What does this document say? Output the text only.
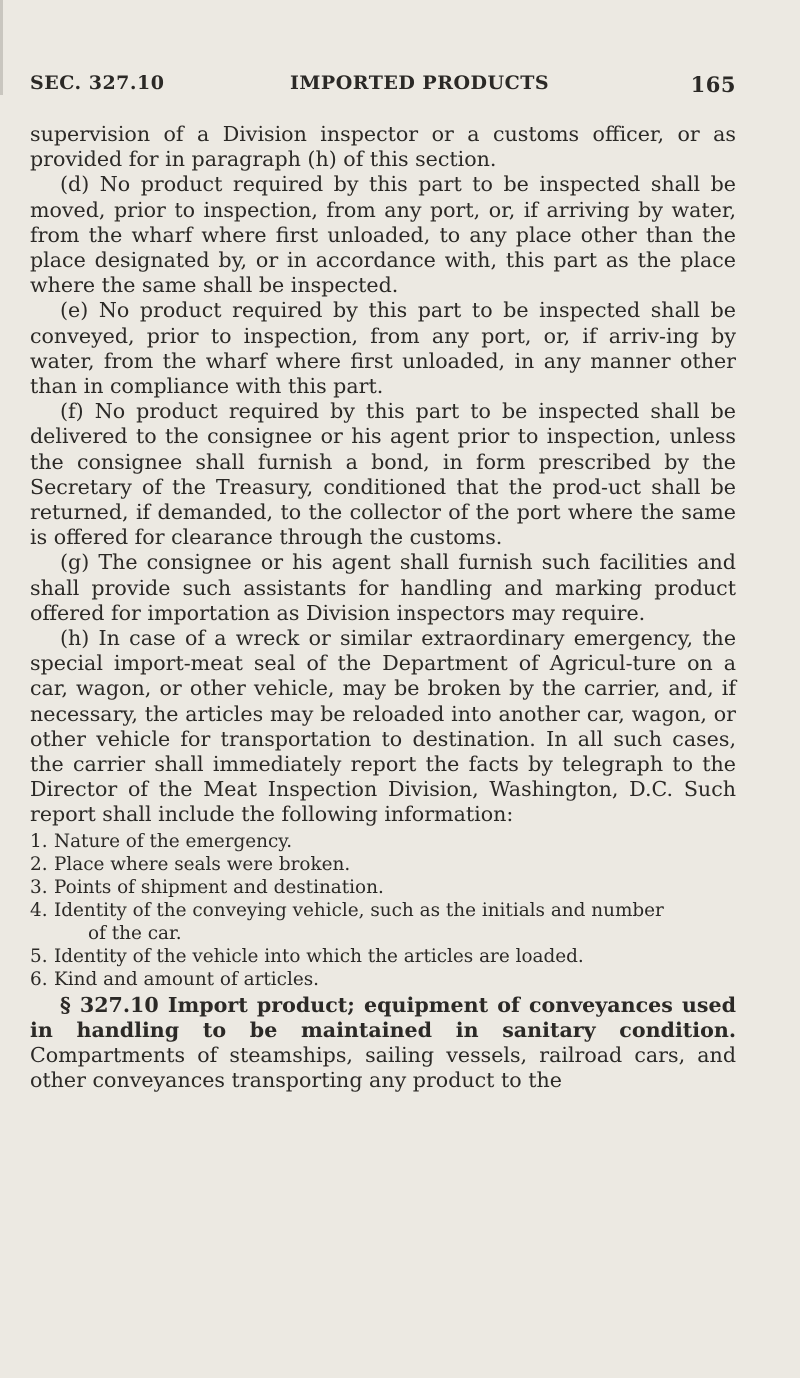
SEC. 327.10	IMPORTED PRODUCTS	165

supervision of a Division inspector or a customs officer, or as provided for in paragraph (h) of this section.

(d) No product required by this part to be inspected shall be moved, prior to inspection, from any port, or, if arriving by water, from the wharf where first unloaded, to any place other than the place designated by, or in accordance with, this part as the place where the same shall be inspected.

(e) No product required by this part to be inspected shall be conveyed, prior to inspection, from any port, or, if arriv-ing by water, from the wharf where first unloaded, in any manner other than in compliance with this part.

(f) No product required by this part to be inspected shall be delivered to the consignee or his agent prior to inspection, unless the consignee shall furnish a bond, in form prescribed by the Secretary of the Treasury, conditioned that the prod-uct shall be returned, if demanded, to the collector of the port where the same is offered for clearance through the customs.

(g) The consignee or his agent shall furnish such facilities and shall provide such assistants for handling and marking product offered for importation as Division inspectors may require.

(h) In case of a wreck or similar extraordinary emergency, the special import-meat seal of the Department of Agricul-ture on a car, wagon, or other vehicle, may be broken by the carrier, and, if necessary, the articles may be reloaded into another car, wagon, or other vehicle for transportation to destination. In all such cases, the carrier shall immediately report the facts by telegraph to the Director of the Meat Inspection Division, Washington, D.C. Such report shall include the following information:

1. Nature of the emergency.
2. Place where seals were broken.
3. Points of shipment and destination.
4. Identity of the conveying vehicle, such as the initials and number
of the car.
5. Identity of the vehicle into which the articles are loaded.
6. Kind and amount of articles.

§ 327.10 Import product; equipment of conveyances used in handling to be maintained in sanitary condition. Compartments of steamships, sailing vessels, railroad cars, and other conveyances transporting any product to the
